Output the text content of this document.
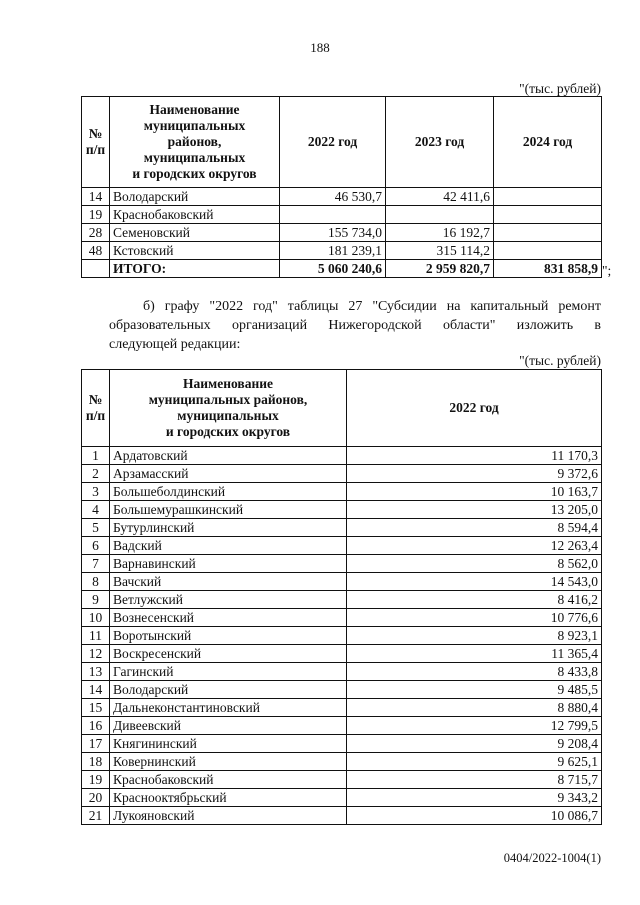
188
"(тыс. рублей)
№
п/п	Наименование
муниципальных
районов,
муниципальных
и городских округов	2022 год	2023 год	2024 год
14	Володарский	46 530,7	42 411,6	
19	Краснобаковский			
28	Семеновский	155 734,0	16 192,7	
48	Кстовский	181 239,1	315 114,2	
	ИТОГО:	5 060 240,6	2 959 820,7	831 858,9 ";
б) графу "2022 год" таблицы 27 "Субсидии на капитальный ремонт
образовательных организаций Нижегородской области" изложить в
следующей редакции:
"(тыс. рублей)
№
п/п	Наименование
муниципальных районов,
муниципальных
и городских округов	2022 год
1	Ардатовский	11 170,3
2	Арзамасский	9 372,6
3	Большеболдинский	10 163,7
4	Большемурашкинский	13 205,0
5	Бутурлинский	8 594,4
6	Вадский	12 263,4
7	Варнавинский	8 562,0
8	Вачский	14 543,0
9	Ветлужский	8 416,2
10	Вознесенский	10 776,6
11	Воротынский	8 923,1
12	Воскресенский	11 365,4
13	Гагинский	8 433,8
14	Володарский	9 485,5
15	Дальнеконстантиновский	8 880,4
16	Дивеевский	12 799,5
17	Княгининский	9 208,4
18	Ковернинский	9 625,1
19	Краснобаковский	8 715,7
20	Краснооктябрьский	9 343,2
21	Лукояновский	10 086,7
0404/2022-1004(1)
